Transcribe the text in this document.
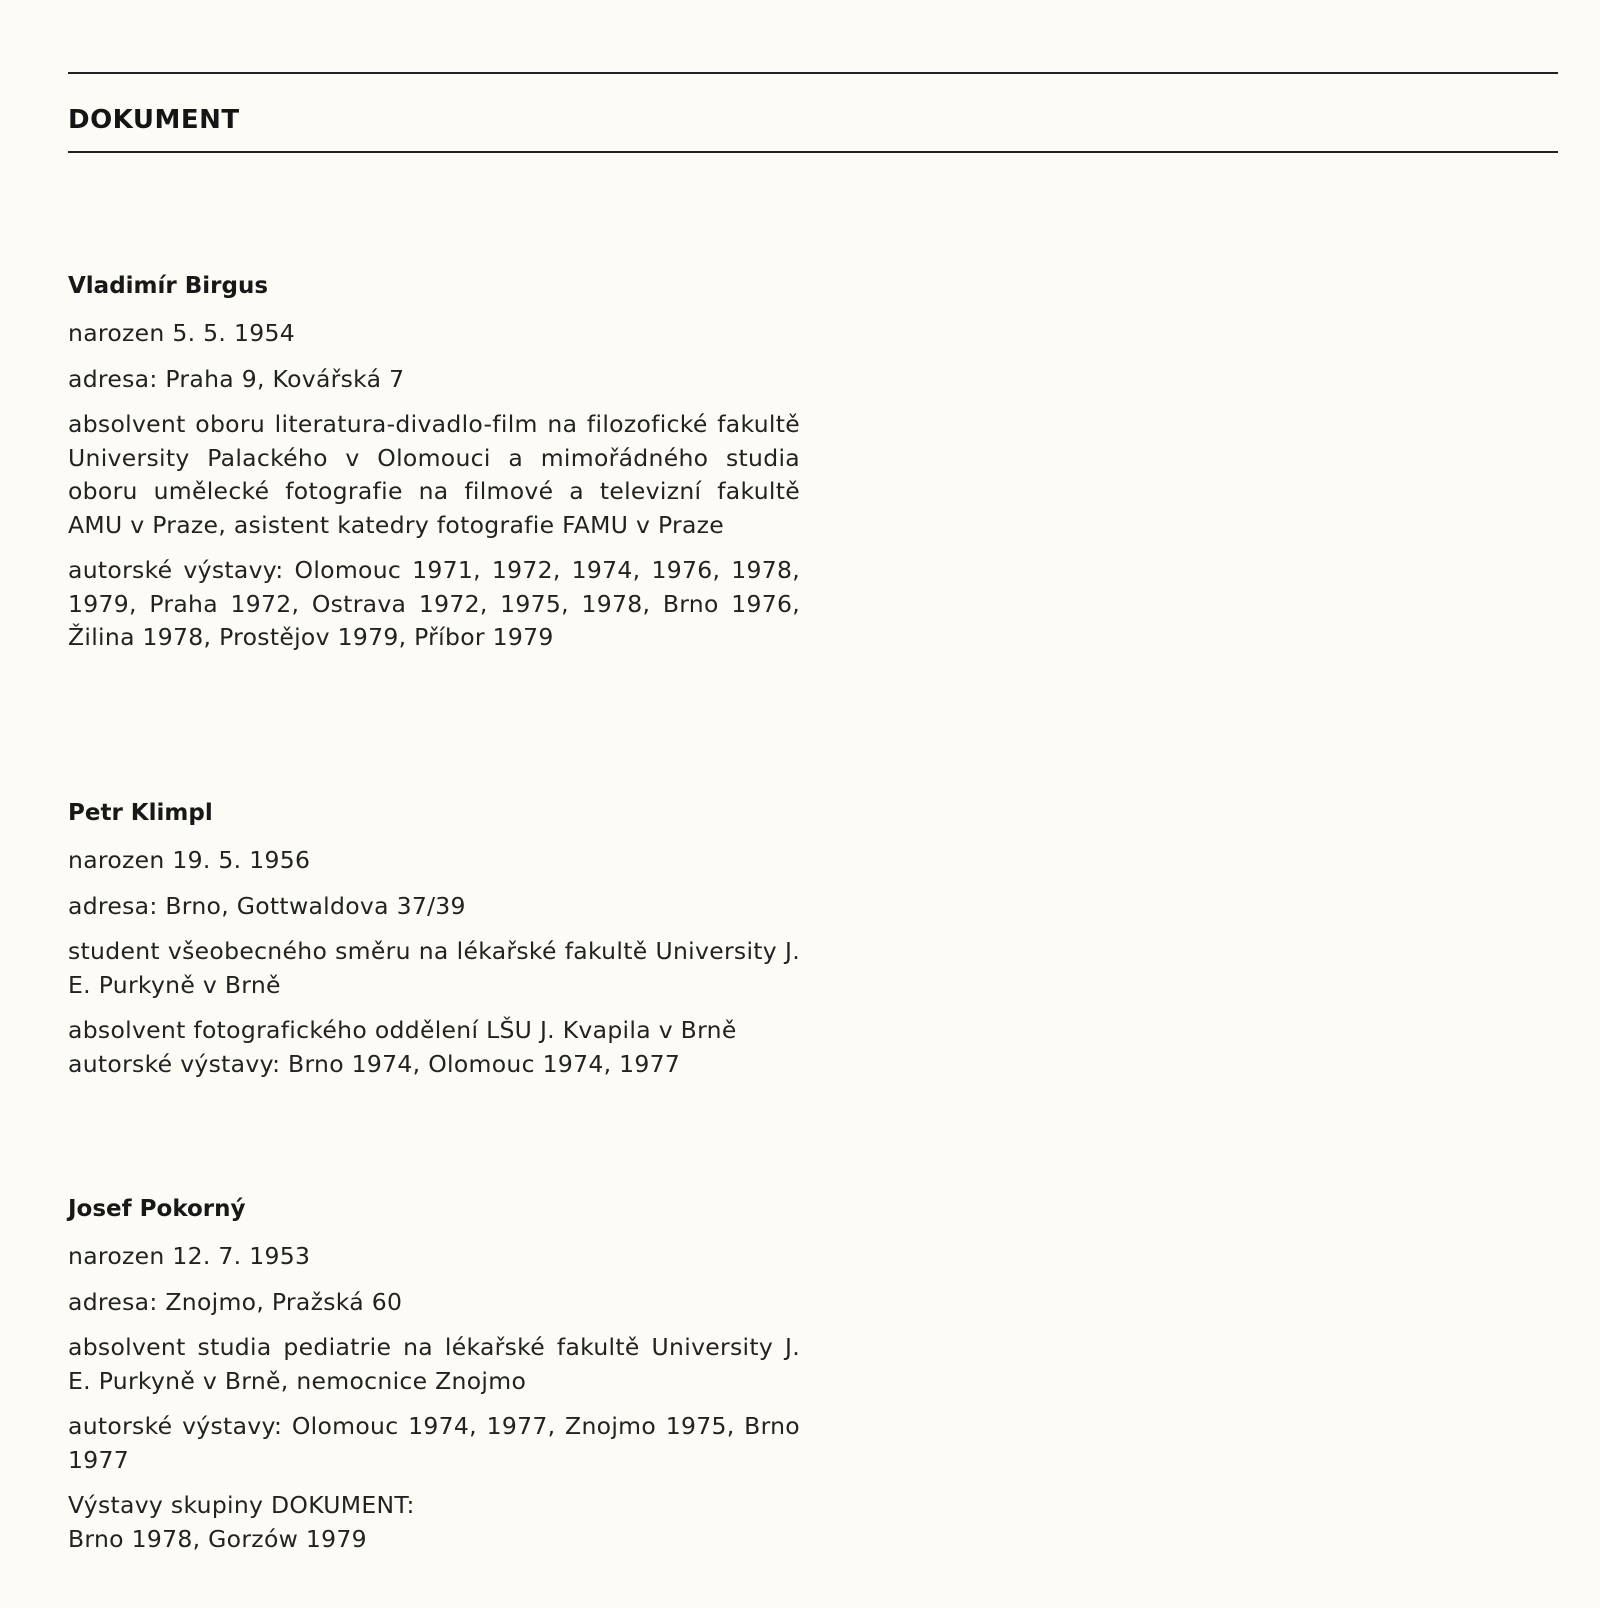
DOKUMENT
Vladimír Birgus

narozen 5. 5. 1954

adresa: Praha 9, Kovářská 7

absolvent oboru literatura-divadlo-film na filozofické fakultě University Palackého v Olomouci a mimořádného studia oboru umělecké fotografie na filmové a televizní fakultě AMU v Praze, asistent katedry fotografie FAMU v Praze

autorské výstavy: Olomouc 1971, 1972, 1974, 1976, 1978, 1979, Praha 1972, Ostrava 1972, 1975, 1978, Brno 1976, Žilina 1978, Prostějov 1979, Příbor 1979

Petr Klimpl

narozen 19. 5. 1956

adresa: Brno, Gottwaldova 37/39

student všeobecného směru na lékařské fakultě University J. E. Purkyně v Brně

absolvent fotografického oddělení LŠU J. Kvapila v Brně

autorské výstavy: Brno 1974, Olomouc 1974, 1977

Josef Pokorný

narozen 12. 7. 1953

adresa: Znojmo, Pražská 60

absolvent studia pediatrie na lékařské fakultě University J. E. Purkyně v Brně, nemocnice Znojmo

autorské výstavy: Olomouc 1974, 1977, Znojmo 1975, Brno 1977

Výstavy skupiny DOKUMENT:

Brno 1978, Gorzów 1979
